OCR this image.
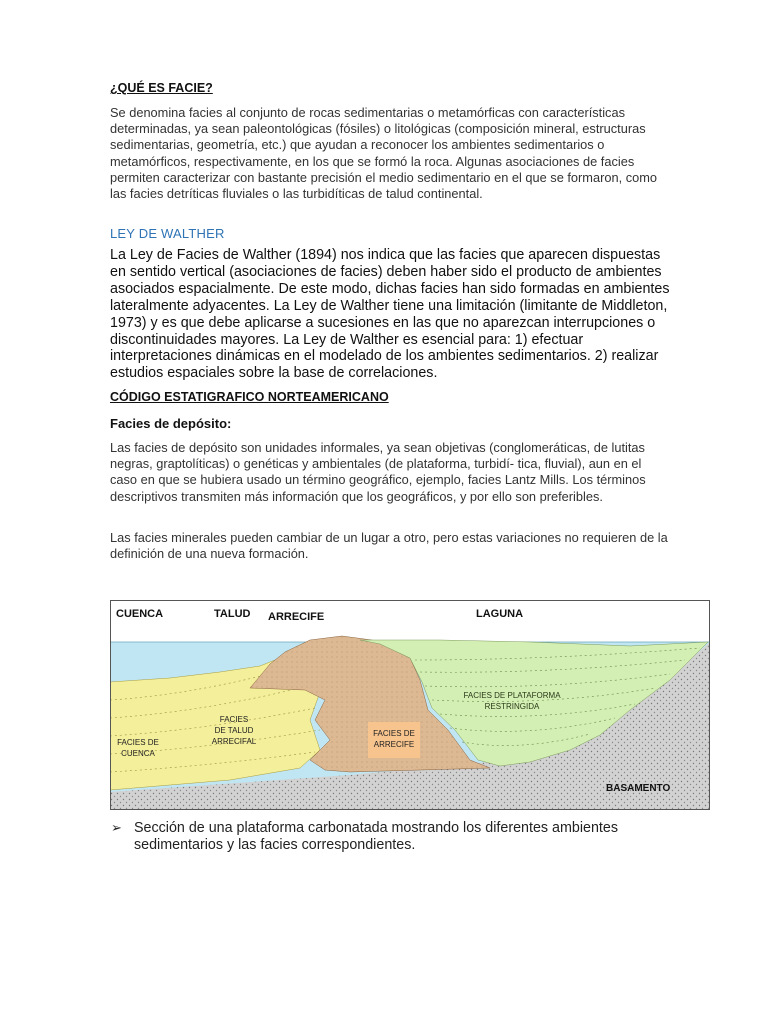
¿QUÉ ES FACIE?

Se denomina facies al conjunto de rocas sedimentarias o metamórficas con características determinadas, ya sean paleontológicas (fósiles) o litológicas (composición mineral, estructuras sedimentarias, geometría, etc.) que ayudan a reconocer los ambientes sedimentarios o metamórficos, respectivamente, en los que se formó la roca. Algunas asociaciones de facies permiten caracterizar con bastante precisión el medio sedimentario en el que se formaron, como las facies detríticas fluviales o las turbidíticas de talud continental.

LEY DE WALTHER

La Ley de Facies de Walther (1894) nos indica que las facies que aparecen dispuestas en sentido vertical (asociaciones de facies) deben haber sido el producto de ambientes asociados espacialmente. De este modo, dichas facies han sido formadas en ambientes lateralmente adyacentes. La Ley de Walther tiene una limitación (limitante de Middleton, 1973) y es que debe aplicarse a sucesiones en las que no aparezcan interrupciones o discontinuidades mayores. La Ley de Walther es esencial para: 1) efectuar interpretaciones dinámicas en el modelado de los ambientes sedimentarios. 2) realizar estudios espaciales sobre la base de correlaciones.

CÓDIGO ESTATIGRAFICO NORTEAMERICANO
Facies de depósito:

Las facies de depósito son unidades informales, ya sean objetivas (conglomeráticas, de lutitas negras, graptolíticas) o genéticas y ambientales (de plataforma, turbidí- tica, fluvial), aun en el caso en que se hubiera usado un término geográfico, ejemplo, facies Lantz Mills. Los términos descriptivos transmiten más información que los geográficos, y por ello son preferibles.

Las facies minerales pueden cambiar de un lugar a otro, pero estas variaciones no requieren de la definición de una nueva formación.

CUENCA	TALUD ARRECIFE	LAGUNA
FACIES DE PLATAFORMA
RESTRINGIDA
FACIES
DE TALUD
ARRECIFAL
FACIES DE
CUENCA
FACIES DE
ARRECIFE
BASAMENTO
➢ Sección de una plataforma carbonatada mostrando los diferentes ambientes sedimentarios y las facies correspondientes.
